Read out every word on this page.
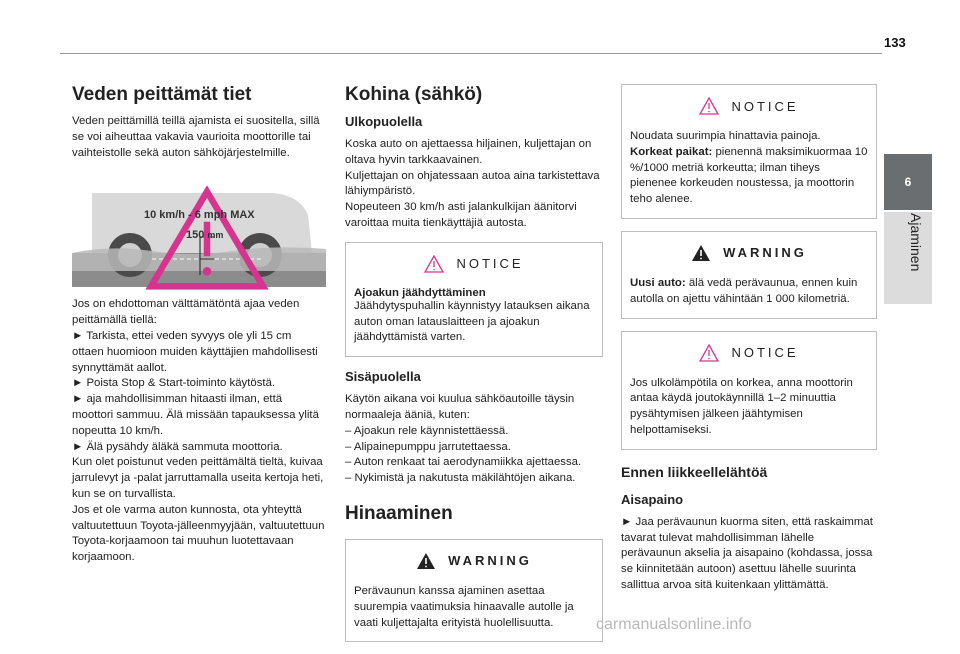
133
6
Ajaminen
Veden peittämät tiet

Veden peittämillä teillä ajamista ei suositella, sillä se voi aiheuttaa vakavia vaurioita moottorille tai vaihteistolle sekä auton sähköjärjestelmille.

10 km/h - 6 mph MAX
150 mm

Jos on ehdottoman välttämätöntä ajaa veden peittämällä tiellä:
► Tarkista, ettei veden syvyys ole yli 15 cm ottaen huomioon muiden käyttäjien mahdollisesti synnyttämät aallot.
► Poista Stop & Start-toiminto käytöstä.
► aja mahdollisimman hitaasti ilman, että moottori sammuu. Älä missään tapauksessa ylitä nopeutta 10 km/h.
► Älä pysähdy äläkä sammuta moottoria.
Kun olet poistunut veden peittämältä tieltä, kuivaa jarrulevyt ja -palat jarruttamalla useita kertoja heti, kun se on turvallista.
Jos et ole varma auton kunnosta, ota yhteyttä valtuutettuun Toyota-jälleenmyyjään, valtuutettuun Toyota-korjaamoon tai muuhun luotettavaan korjaamoon.

Kohina (sähkö)
Ulkopuolella

Koska auto on ajettaessa hiljainen, kuljettajan on oltava hyvin tarkkaavainen.
Kuljettajan on ohjatessaan autoa aina tarkistettava lähiympäristö.
Nopeuteen 30 km/h asti jalankulkijan äänitorvi varoittaa muita tienkäyttäjiä autosta.

NOTICE
Ajoakun jäähdyttäminen

Jäähdytyspuhallin käynnistyy latauksen aikana auton oman latauslaitteen ja ajoakun jäähdyttämistä varten.

Sisäpuolella

Käytön aikana voi kuulua sähköautoille täysin normaaleja ääniä, kuten:
– Ajoakun rele käynnistettäessä.
– Alipainepumppu jarrutettaessa.
– Auton renkaat tai aerodynamiikka ajettaessa.
– Nykimistä ja nakutusta mäkilähtöjen aikana.

Hinaaminen
WARNING

Perävaunun kanssa ajaminen asettaa suurempia vaatimuksia hinaavalle autolle ja vaati kuljettajalta erityistä huolellisuutta.

NOTICE

Noudata suurimpia hinattavia painoja.
Korkeat paikat: pienennä maksimikuormaa 10 %/1000 metriä korkeutta; ilman tiheys pienenee korkeuden noustessa, ja moottorin teho alenee.

WARNING

Uusi auto: älä vedä perävaunua, ennen kuin autolla on ajettu vähintään 1 000 kilometriä.

NOTICE

Jos ulkolämpötila on korkea, anna moottorin antaa käydä joutokäynnillä 1–2 minuuttia pysähtymisen jälkeen jäähtymisen helpottamiseksi.

Ennen liikkeellelähtöä
Aisapaino

► Jaa perävaunun kuorma siten, että raskaimmat tavarat tulevat mahdollisimman lähelle perävaunun akselia ja aisapaino (kohdassa, jossa se kiinnitetään autoon) asettuu lähelle suurinta sallittua arvoa sitä kuitenkaan ylittämättä.

carmanualsonline.info
